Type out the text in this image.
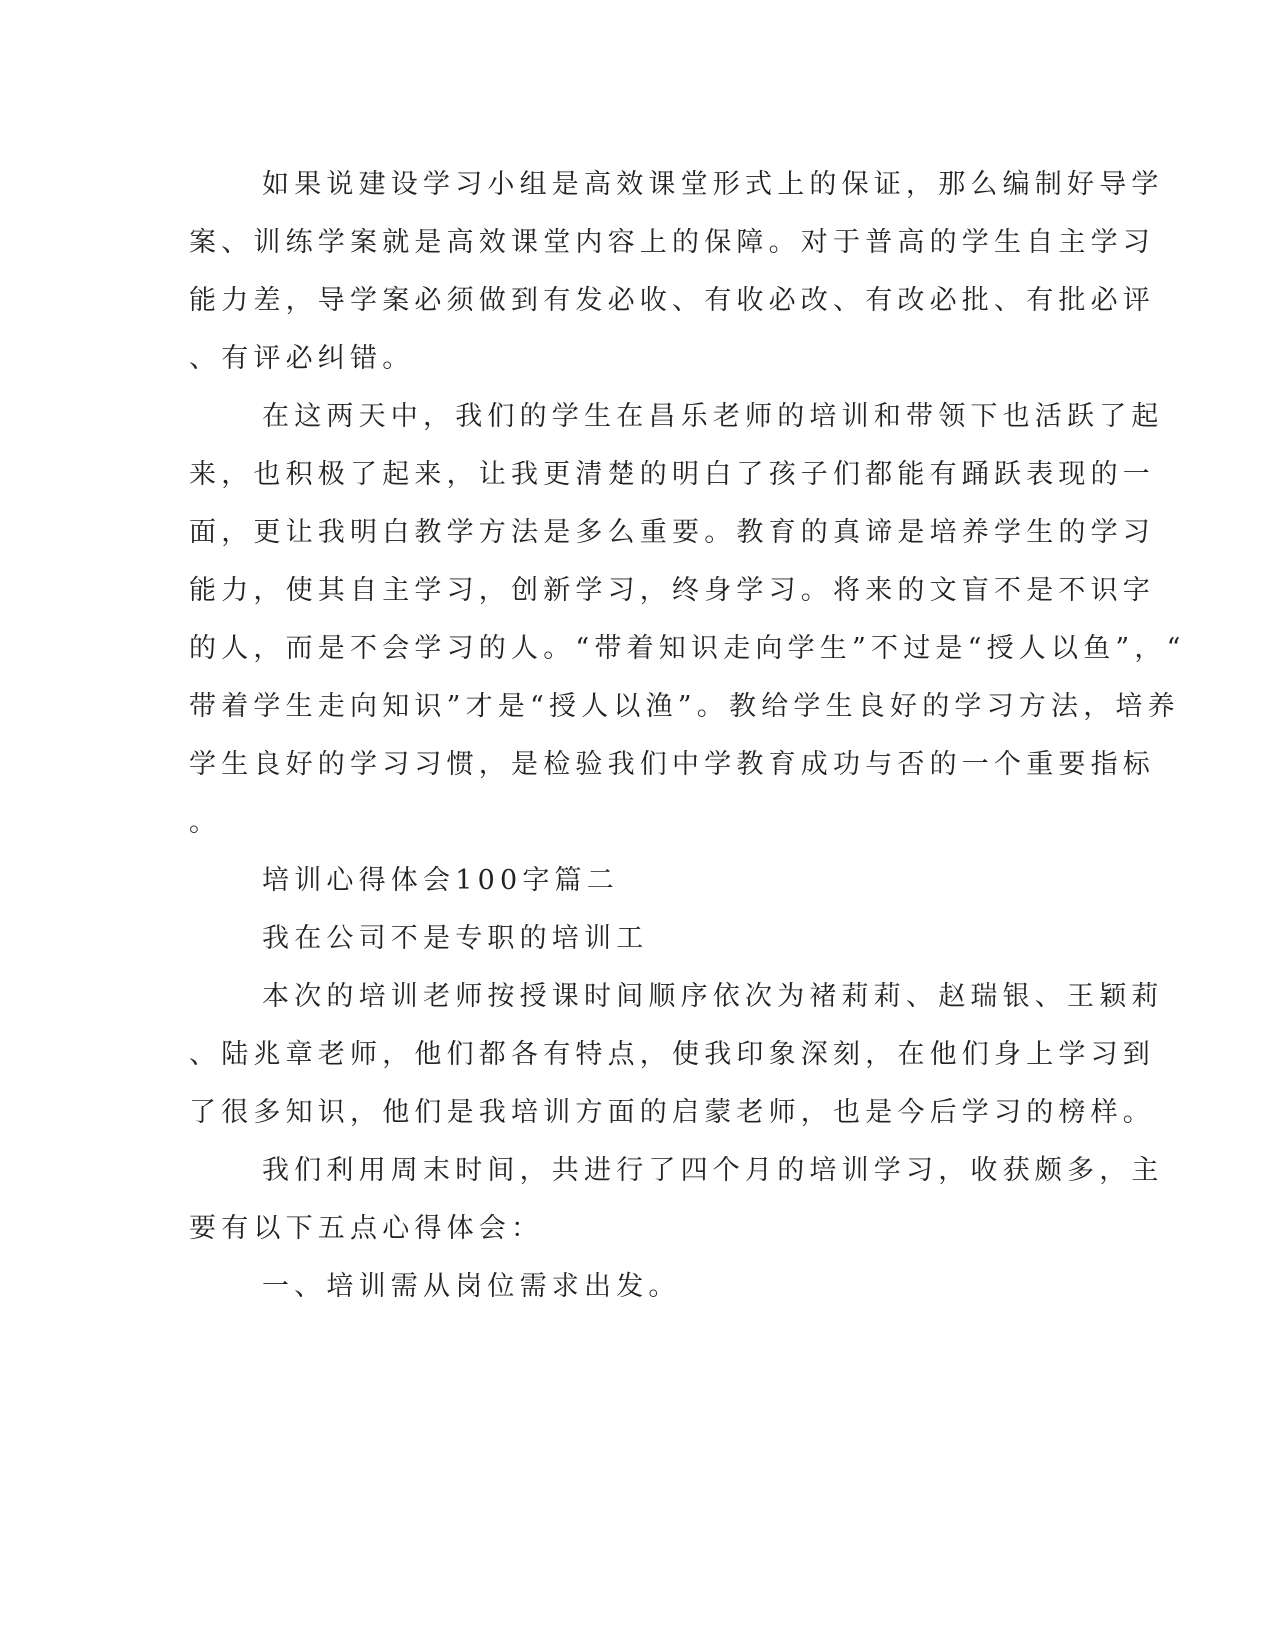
如果说建设学习小组是高效课堂形式上的保证，那么编制好导学

案、训练学案就是高效课堂内容上的保障。对于普高的学生自主学习

能力差，导学案必须做到有发必收、有收必改、有改必批、有批必评

、有评必纠错。

在这两天中，我们的学生在昌乐老师的培训和带领下也活跃了起

来，也积极了起来，让我更清楚的明白了孩子们都能有踊跃表现的一

面，更让我明白教学方法是多么重要。教育的真谛是培养学生的学习

能力，使其自主学习，创新学习，终身学习。将来的文盲不是不识字

的人，而是不会学习的人。“带着知识走向学生”不过是“授人以鱼”，“

带着学生走向知识”才是“授人以渔”。教给学生良好的学习方法，培养

学生良好的学习习惯，是检验我们中学教育成功与否的一个重要指标

。

培训心得体会100字篇二

我在公司不是专职的培训工

本次的培训老师按授课时间顺序依次为褚莉莉、赵瑞银、王颖莉

、陆兆章老师，他们都各有特点，使我印象深刻，在他们身上学习到

了很多知识，他们是我培训方面的启蒙老师，也是今后学习的榜样。

我们利用周末时间，共进行了四个月的培训学习，收获颇多，主

要有以下五点心得体会：

一、培训需从岗位需求出发。
